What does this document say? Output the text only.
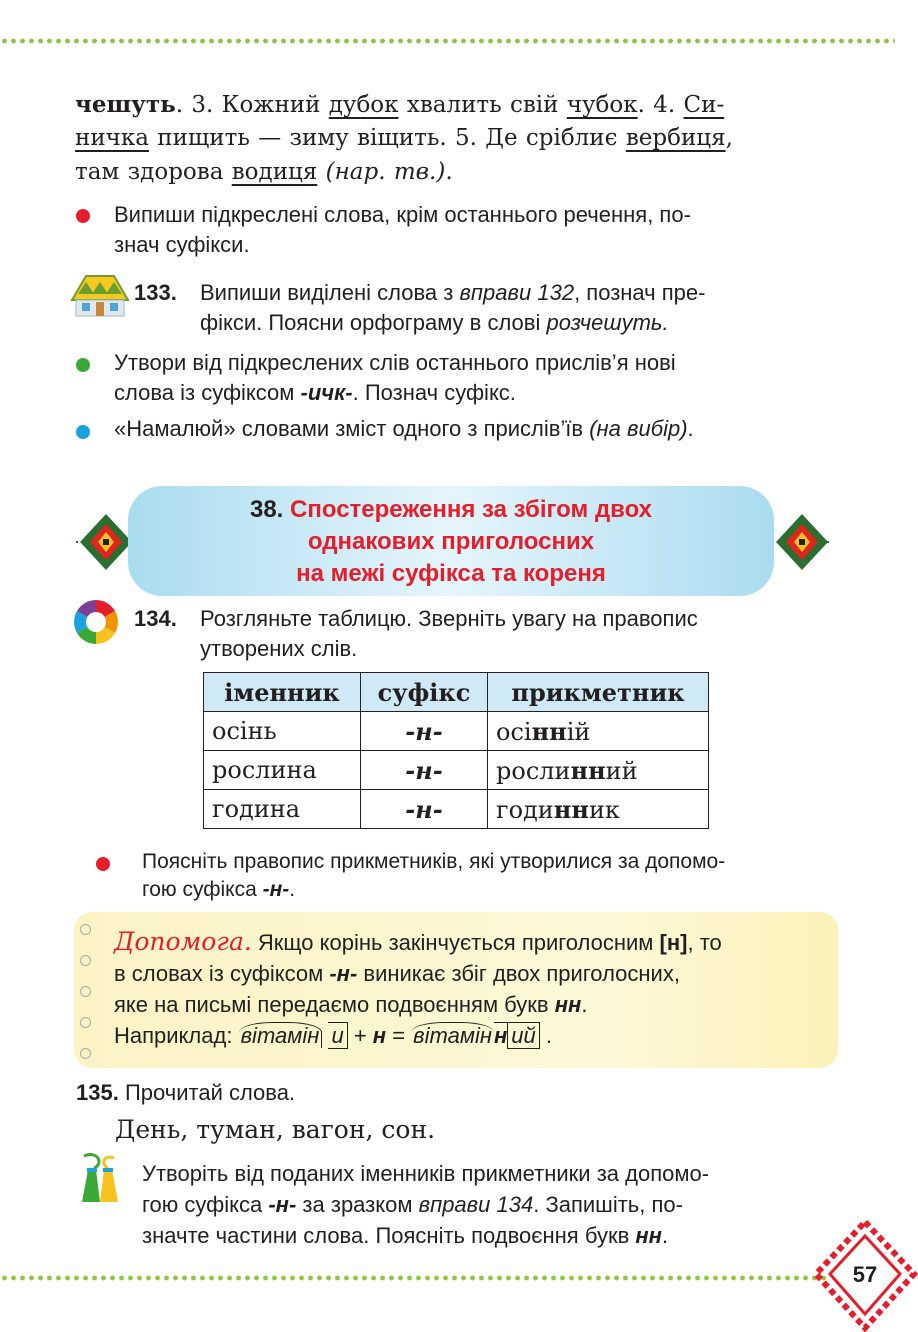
чешуть. 3. Кожний дубок хвалить свій чубок. 4. Си-
ничка пищить — зиму віщить. 5. Де сріблиє вербиця,
там здорова водиця (нар. тв.).
Випиши підкреслені слова, крім останнього речення, по-
знач суфікси.
133. Випиши виділені слова з вправи 132, познач пре-
фікси. Поясни орфограму в слові розчешуть.
Утвори від підкреслених слів останнього прислів’я нові
слова із суфіксом -ичк-. Познач суфікс.
«Намалюй» словами зміст одного з прислів’їв (на вибір).
38. Спостереження за збігом двох
однакових приголосних
на межі суфікса та кореня
134. Розгляньте таблицю. Зверніть увагу на правопис
утворених слів.
іменник	суфікс	прикметник
осінь	-н-	осінній
рослина	-н-	рослинний
година	-н-	годинник
Поясніть правопис прикметників, які утворилися за допомо-
гою суфікса -н-.
Допомога. Якщо корінь закінчується приголосним [н], то
в словах із суфіксом -н- виникає збіг двох приголосних,
яке на письмі передаємо подвоєнням букв нн.
Наприклад: вітамін и + н = вітамінн ий .
135. Прочитай слова.
День, туман, вагон, сон.
Утворіть від поданих іменників прикметники за допомо-
гою суфікса -н- за зразком вправи 134. Запишіть, по-
значте частини слова. Поясніть подвоєння букв нн.
57
